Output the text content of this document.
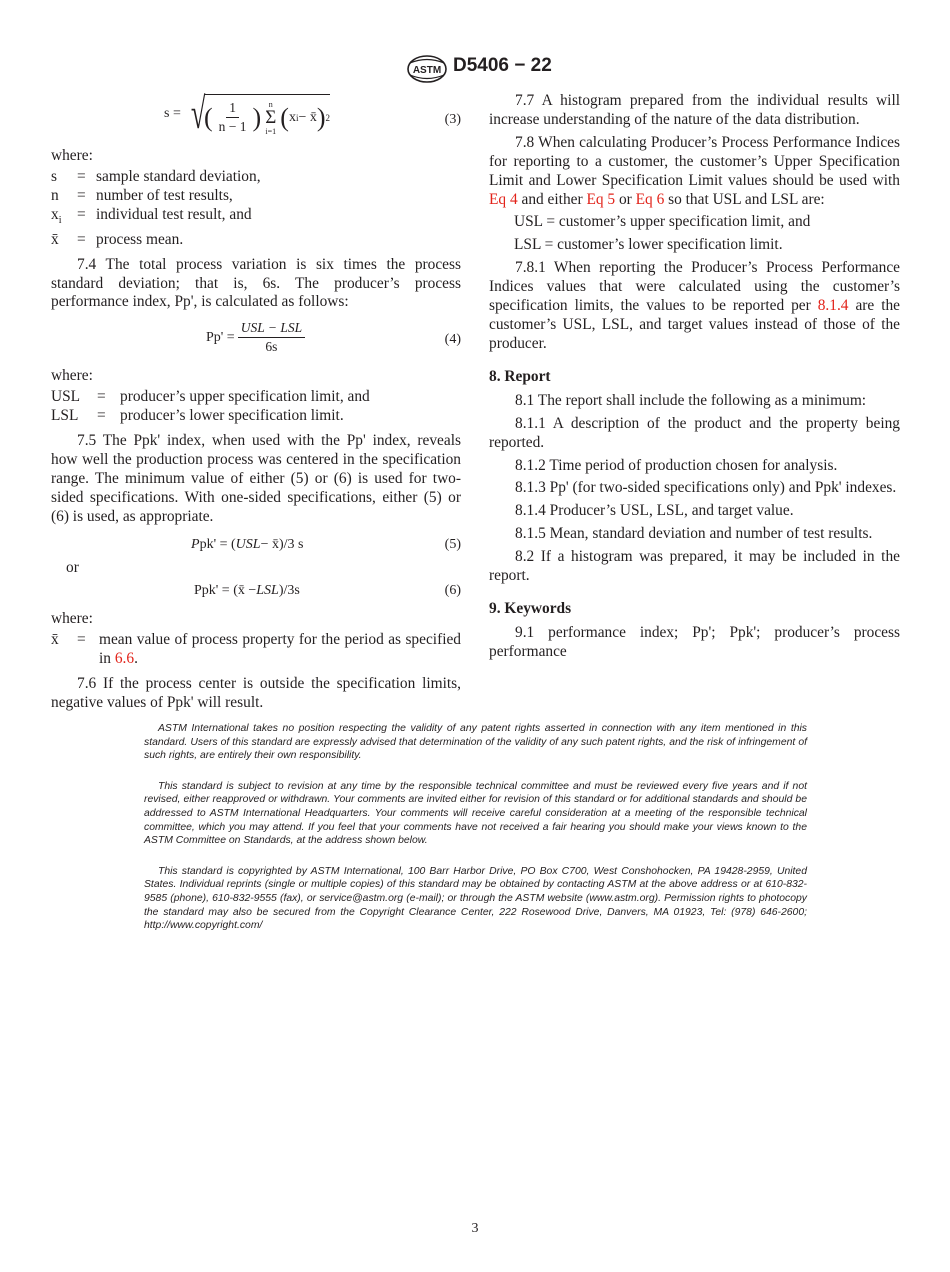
ASTM D5406 − 22
s = √
( $\frac{1}{n - 1}$ ) n
Σ
i=1 ( x i − x̄ ) 2	(3)
where:
s	= sample standard deviation,
n	= number of test results,
$x_i$	= individual test result, and
x̄	= process mean.

7.4 The total process variation is six times the process standard deviation; that is, 6s. The producer’s process performance index, Pp', is calculated as follows:

$Pp' = \frac{\text{USL − LSL}}{6s}$	(4)
where:
USL	= producer’s upper specification limit, and
LSL	= producer’s lower specification limit.

7.5 The Ppk' index, when used with the Pp' index, reveals how well the production process was centered in the specification range. The minimum value of either (5) or (6) is used for two-sided specifications. With one-sided specifications, either (5) or (6) is used, as appropriate.

P pk' = ( USL − x̄)/3 s	(5)
or
Ppk' = (x̄ − LSL )/3s	(6)
where:
x̄	= mean value of process property for the period as specified in 6.6.

7.6 If the process center is outside the specification limits, negative values of Ppk' will result.

7.7 A histogram prepared from the individual results will increase understanding of the nature of the data distribution.

7.8 When calculating Producer’s Process Performance Indices for reporting to a customer, the customer’s Upper Specification Limit and Lower Specification Limit values should be used with Eq 4 and either Eq 5 or Eq 6 so that USL and LSL are:

USL = customer’s upper specification limit, and
LSL = customer’s lower specification limit.

7.8.1 When reporting the Producer’s Process Performance Indices values that were calculated using the customer’s specification limits, the values to be reported per 8.1.4 are the customer’s USL, LSL, and target values instead of those of the producer.

8. Report

8.1 The report shall include the following as a minimum:

8.1.1 A description of the product and the property being reported.

8.1.2 Time period of production chosen for analysis.

8.1.3 Pp' (for two-sided specifications only) and Ppk' indexes.

8.1.4 Producer’s USL, LSL, and target value.

8.1.5 Mean, standard deviation and number of test results.

8.2 If a histogram was prepared, it may be included in the report.

9. Keywords

9.1 performance index; Pp'; Ppk'; producer’s process performance

ASTM International takes no position respecting the validity of any patent rights asserted in connection with any item mentioned in this standard. Users of this standard are expressly advised that determination of the validity of any such patent rights, and the risk of infringement of such rights, are entirely their own responsibility.

This standard is subject to revision at any time by the responsible technical committee and must be reviewed every five years and if not revised, either reapproved or withdrawn. Your comments are invited either for revision of this standard or for additional standards and should be addressed to ASTM International Headquarters. Your comments will receive careful consideration at a meeting of the responsible technical committee, which you may attend. If you feel that your comments have not received a fair hearing you should make your views known to the ASTM Committee on Standards, at the address shown below.

This standard is copyrighted by ASTM International, 100 Barr Harbor Drive, PO Box C700, West Conshohocken, PA 19428-2959, United States. Individual reprints (single or multiple copies) of this standard may be obtained by contacting ASTM at the above address or at 610-832-9585 (phone), 610-832-9555 (fax), or service@astm.org (e-mail); or through the ASTM website (www.astm.org). Permission rights to photocopy the standard may also be secured from the Copyright Clearance Center, 222 Rosewood Drive, Danvers, MA 01923, Tel: (978) 646-2600; http://www.copyright.com/

3
